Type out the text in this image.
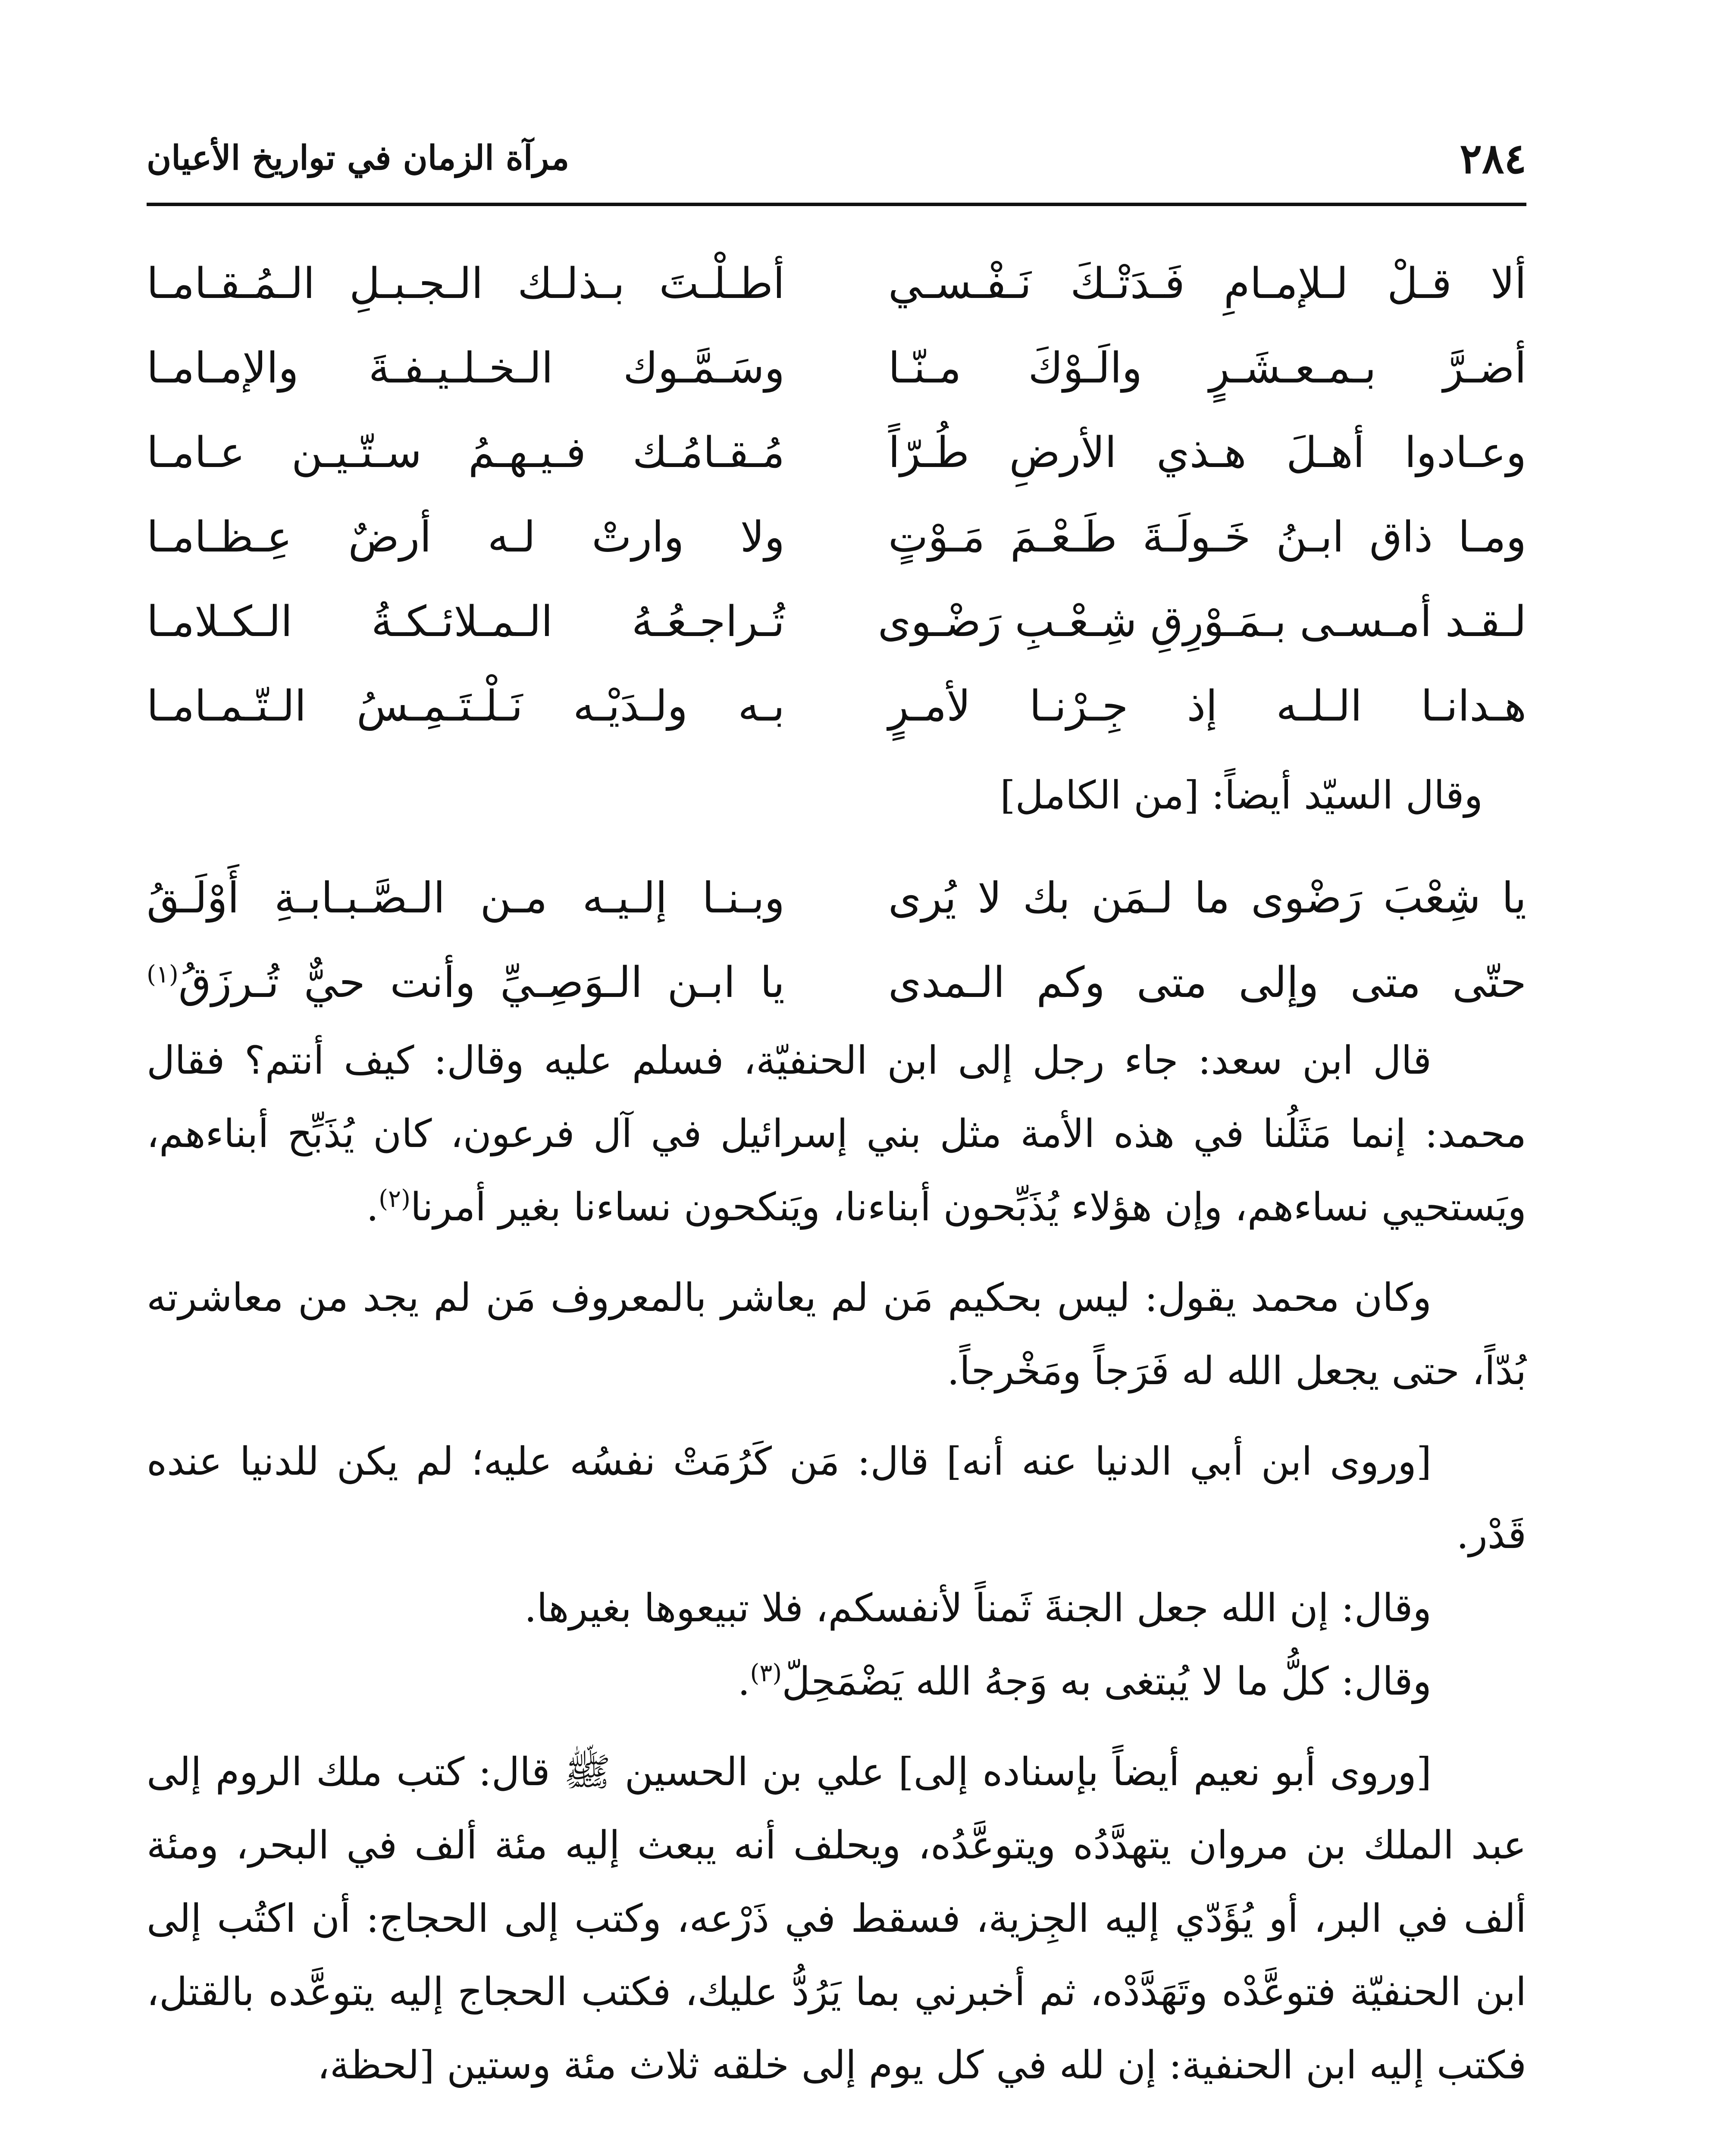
٢٨٤
مرآة الزمان في تواريخ الأعيان
ألا قـلْ لـلإمـامِ فَـدَتْـكَ نَـفْـسـي
أطـلْـتَ بـذلـك الـجـبـلِ الـمُـقـامـا
أضـرَّ بـمـعـشَـرٍ والَـوْكَ مـنّـا
وسَـمَّـوك الـخـلـيـفـةَ والإمـامـا
وعـادوا أهـلَ هـذي الأرضِ طُـرّاً
مُـقـامُـك فـيـهـمُ سـتّـيـن عـامـا
ومـا ذاق ابـنُ خَـولَـةَ طَـعْـمَ مَـوْتٍ
ولا وارتْ لـه أرضٌ عِـظـامـا
لـقـد أمـسـى بـمَـوْرِقِ شِـعْـبِ رَضْـوى
تُـراجـعُـهُ الـمـلائـكـةُ الـكـلامـا
هـدانـا الـلـه إذ جِـرْنـا لأمـرٍ
بـه ولـدَيْـه نَـلْـتَـمِـسُ الـتّـمـامـا
وقال السيّد أيضاً: [من الكامل]
يا شِعْبَ رَضْوى ما لـمَن بك لا يُرى
وبـنـا إلـيـه مـن الـصَّـبـابـةِ أَوْلَـقُ
حتّى متى وإلى متى وكم الـمدى
يا ابـن الـوَصِـيِّ وأنت حيٌّ تُـرزَقُ$^{(١)}$

قال ابن سعد: جاء رجل إلى ابن الحنفيّة، فسلم عليه وقال: كيف أنتم؟ فقال محمد: إنما مَثَلُنا في هذه الأمة مثل بني إسرائيل في آل فرعون، كان يُذَبِّح أبناءهم، ويَستحيي نساءهم، وإن هؤلاء يُذَبِّحون أبناءنا، ويَنكحون نساءنا بغير أمرنا$^{(٢)}$.

وكان محمد يقول: ليس بحكيم مَن لم يعاشر بالمعروف مَن لم يجد من معاشرته بُدّاً، حتى يجعل الله له فَرَجاً ومَخْرجاً.

[وروى ابن أبي الدنيا عنه أنه] قال: مَن كَرُمَتْ نفسُه عليه؛ لم يكن للدنيا عنده قَدْر.

وقال: إن الله جعل الجنةَ ثَمناً لأنفسكم، فلا تبيعوها بغيرها.

وقال: كلُّ ما لا يُبتغى به وَجهُ الله يَضْمَحِلّ$^{(٣)}$.

[وروى أبو نعيم أيضاً بإسناده إلى] علي بن الحسين ﷺ قال: كتب ملك الروم إلى عبد الملك بن مروان يتهدَّدُه ويتوعَّدُه، ويحلف أنه يبعث إليه مئة ألف في البحر، ومئة ألف في البر، أو يُؤَدّي إليه الجِزية، فسقط في ذَرْعه، وكتب إلى الحجاج: أن اكتُب إلى ابن الحنفيّة فتوعَّدْه وتَهَدَّدْه، ثم أخبرني بما يَرُدُّ عليك، فكتب الحجاج إليه يتوعَّده بالقتل، فكتب إليه ابن الحنفية: إن لله في كل يوم إلى خلقه ثلاث مئة وستين [لحظة،
